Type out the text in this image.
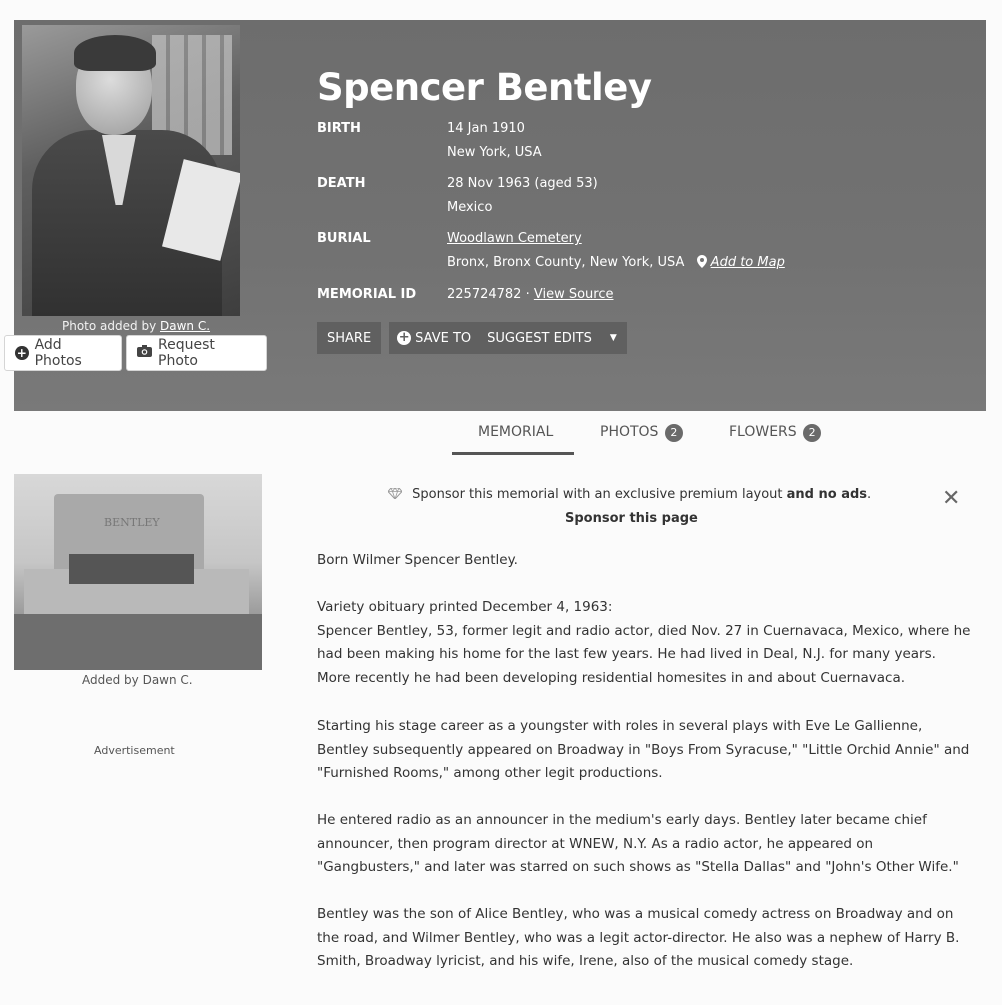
Photo added by Dawn C.
Spencer Bentley
BIRTH	14 Jan 1910
New York, USA
DEATH	28 Nov 1963 (aged 53)
Mexico
BURIAL	Woodlawn Cemetery
Bronx, Bronx County, New York, USA Add to Map
MEMORIAL ID	225724782 · View Source
SHARE	+ SAVE TO	SUGGEST EDITS	▼
+ Add Photos
Request Photo
MEMORIAL	PHOTOS 2	FLOWERS 2
BENTLEY
Added by Dawn C.
Advertisement
Sponsor this memorial with an exclusive premium layout and no ads.
Sponsor this page
✕

Born Wilmer Spencer Bentley.

Variety obituary printed December 4, 1963:

Spencer Bentley, 53, former legit and radio actor, died Nov. 27 in Cuernavaca, Mexico, where he had been making his home for the last few years. He had lived in Deal, N.J. for many years. More recently he had been developing residential homesites in and about Cuernavaca.

Starting his stage career as a youngster with roles in several plays with Eve Le Gallienne, Bentley subsequently appeared on Broadway in "Boys From Syracuse," "Little Orchid Annie" and "Furnished Rooms," among other legit productions.

He entered radio as an announcer in the medium's early days. Bentley later became chief announcer, then program director at WNEW, N.Y. As a radio actor, he appeared on "Gangbusters," and later was starred on such shows as "Stella Dallas" and "John's Other Wife."

Bentley was the son of Alice Bentley, who was a musical comedy actress on Broadway and on the road, and Wilmer Bentley, who was a legit actor-director. He also was a nephew of Harry B. Smith, Broadway lyricist, and his wife, Irene, also of the musical comedy stage.
